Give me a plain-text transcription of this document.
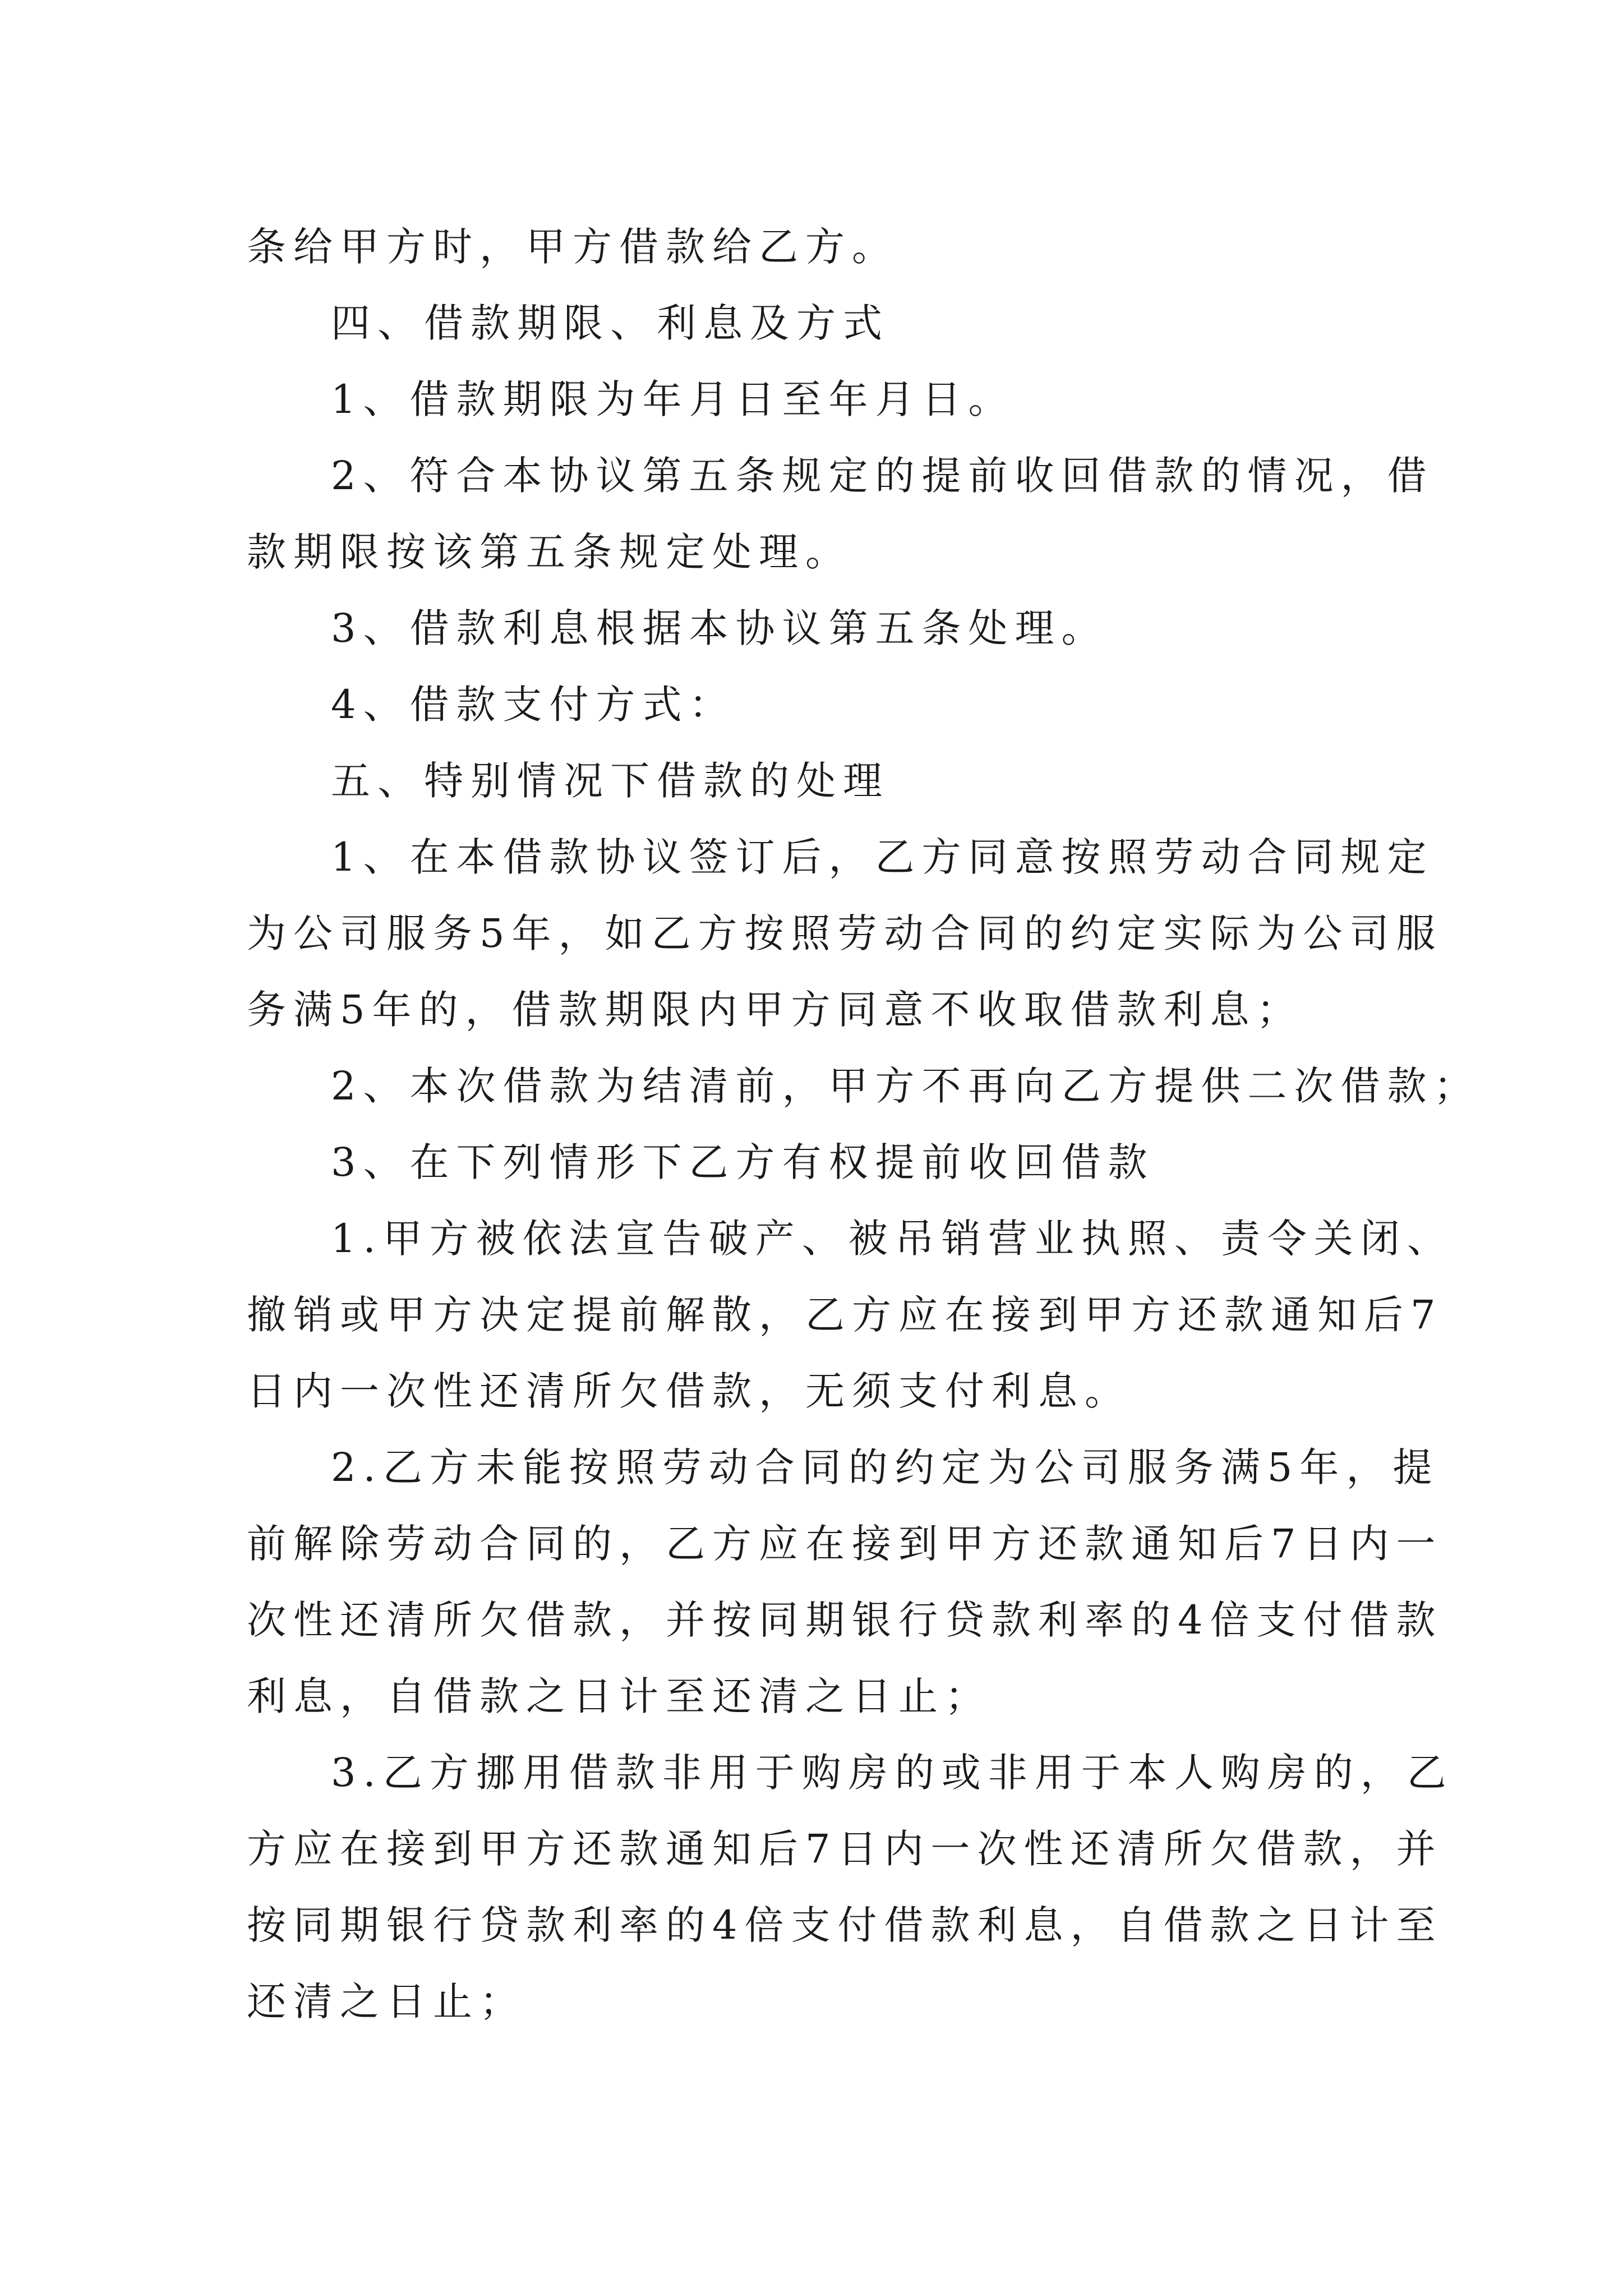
条给甲方时，甲方借款给乙方。
四、借款期限、利息及方式
1、借款期限为年月日至年月日。
2、符合本协议第五条规定的提前收回借款的情况，借
款期限按该第五条规定处理。
3、借款利息根据本协议第五条处理。
4、借款支付方式：
五、特别情况下借款的处理
1、在本借款协议签订后，乙方同意按照劳动合同规定
为公司服务5年，如乙方按照劳动合同的约定实际为公司服
务满5年的，借款期限内甲方同意不收取借款利息；
2、本次借款为结清前，甲方不再向乙方提供二次借款；
3、在下列情形下乙方有权提前收回借款
1.甲方被依法宣告破产、被吊销营业执照、责令关闭、
撤销或甲方决定提前解散，乙方应在接到甲方还款通知后7
日内一次性还清所欠借款，无须支付利息。
2.乙方未能按照劳动合同的约定为公司服务满5年，提
前解除劳动合同的，乙方应在接到甲方还款通知后7日内一
次性还清所欠借款，并按同期银行贷款利率的4倍支付借款
利息，自借款之日计至还清之日止；
3.乙方挪用借款非用于购房的或非用于本人购房的，乙
方应在接到甲方还款通知后7日内一次性还清所欠借款，并
按同期银行贷款利率的4倍支付借款利息，自借款之日计至
还清之日止；
